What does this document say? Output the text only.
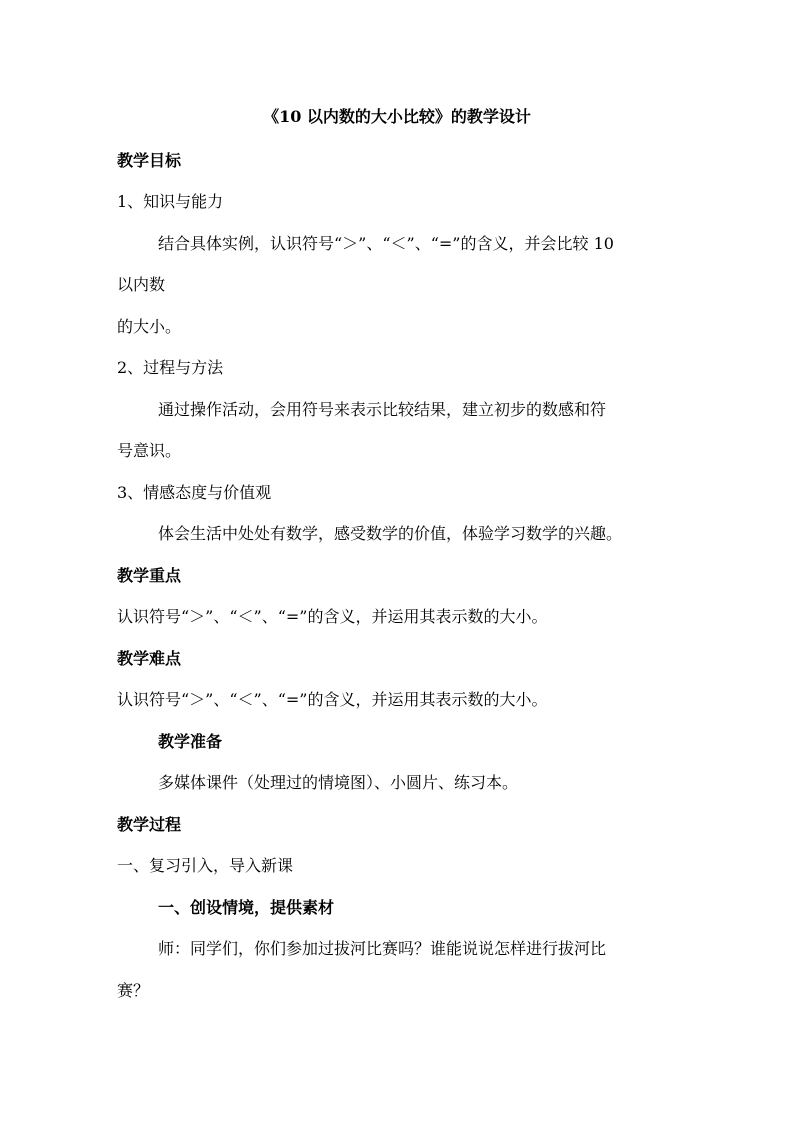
《10 以内数的大小比较》的教学设计
教学目标
1、知识与能力
结合具体实例，认识符号“＞”、“＜”、“=”的含义，并会比较 10
以内数
的大小。
2、过程与方法
通过操作活动，会用符号来表示比较结果，建立初步的数感和符
号意识。
3、情感态度与价值观
体会生活中处处有数学，感受数学的价值，体验学习数学的兴趣。
教学重点
认识符号“＞”、“＜”、“=”的含义，并运用其表示数的大小。
教学难点
认识符号“＞”、“＜”、“=”的含义，并运用其表示数的大小。
教学准备
多媒体课件（处理过的情境图）、小圆片、练习本。
教学过程
一、复习引入，导入新课
一、创设情境，提供素材
师：同学们，你们参加过拔河比赛吗？谁能说说怎样进行拔河比
赛？
